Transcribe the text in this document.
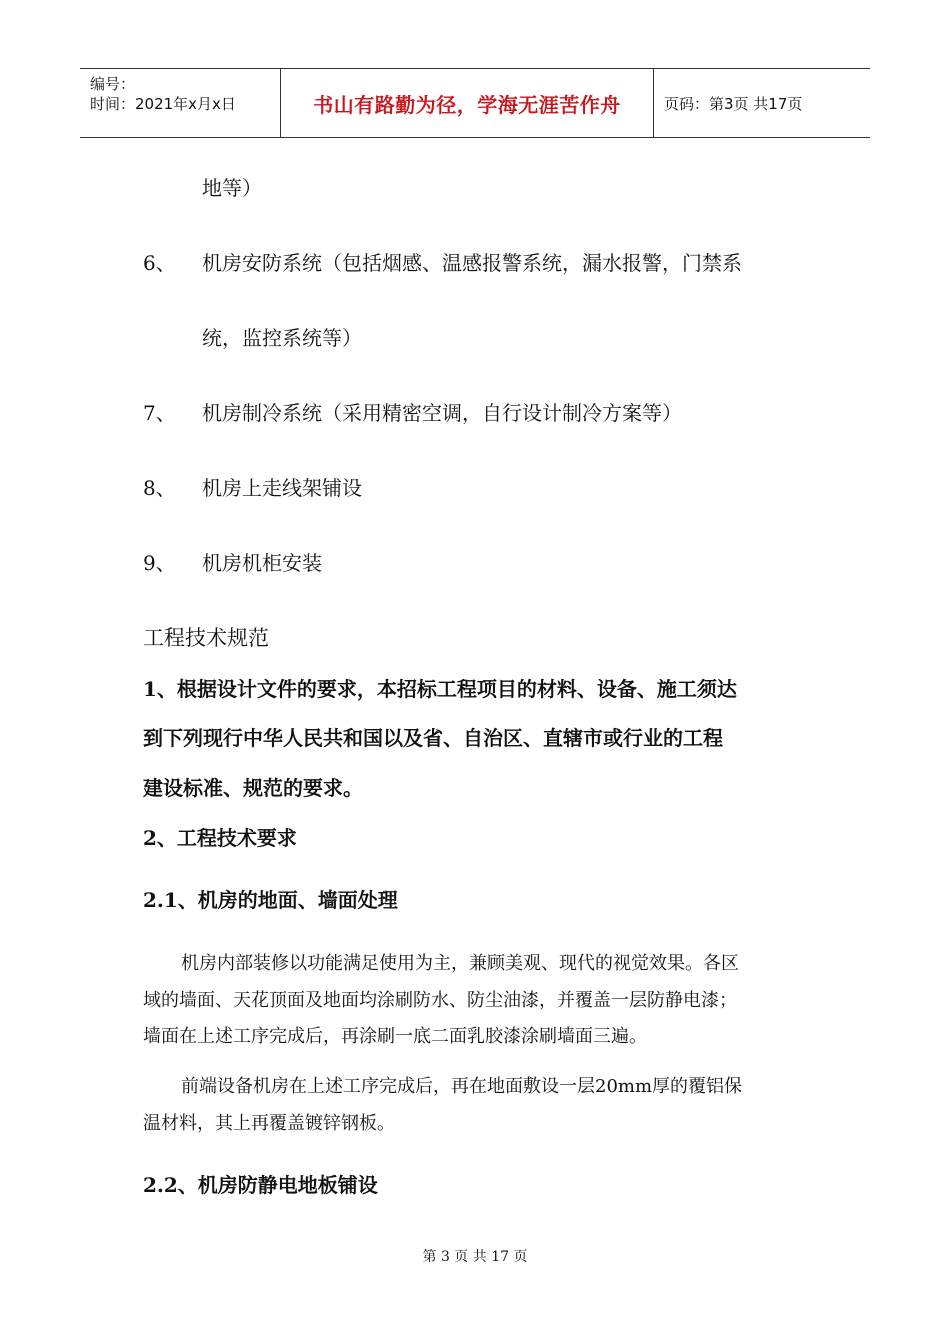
编号：
时间：2021年x月x日	书山有路勤为径，学海无涯苦作舟	页码：第3页 共17页
地等）
6、 机房安防系统（包括烟感、温感报警系统，漏水报警，门禁系
统，监控系统等）
7、 机房制冷系统（采用精密空调，自行设计制冷方案等）
8、 机房上走线架铺设
9、 机房机柜安装
工程技术规范
1、根据设计文件的要求，本招标工程项目的材料、设备、施工须达
到下列现行中华人民共和国以及省、自治区、直辖市或行业的工程
建设标准、规范的要求。
2、工程技术要求
2.1、机房的地面、墙面处理
机房内部装修以功能满足使用为主，兼顾美观、现代的视觉效果。各区
域的墙面、天花顶面及地面均涂刷防水、防尘油漆，并覆盖一层防静电漆；
墙面在上述工序完成后，再涂刷一底二面乳胶漆涂刷墙面三遍。
前端设备机房在上述工序完成后，再在地面敷设一层20mm厚的覆铝保
温材料，其上再覆盖镀锌钢板。
2.2、机房防静电地板铺设
第 3 页 共 17 页
